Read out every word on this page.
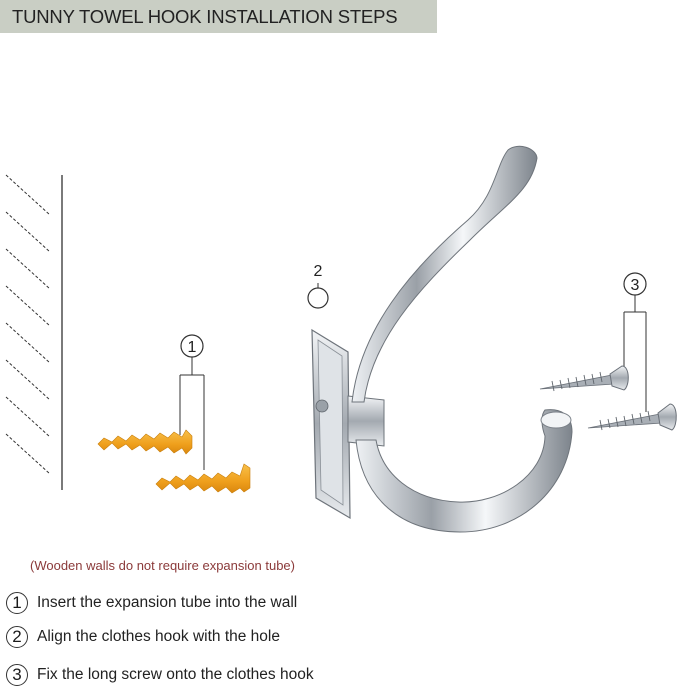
TUNNY TOWEL HOOK INSTALLATION STEPS
1
2
3
(Wooden walls do not require expansion tube)
1 Insert the expansion tube into the wall
2 Align the clothes hook with the hole
3 Fix the long screw onto the clothes hook
